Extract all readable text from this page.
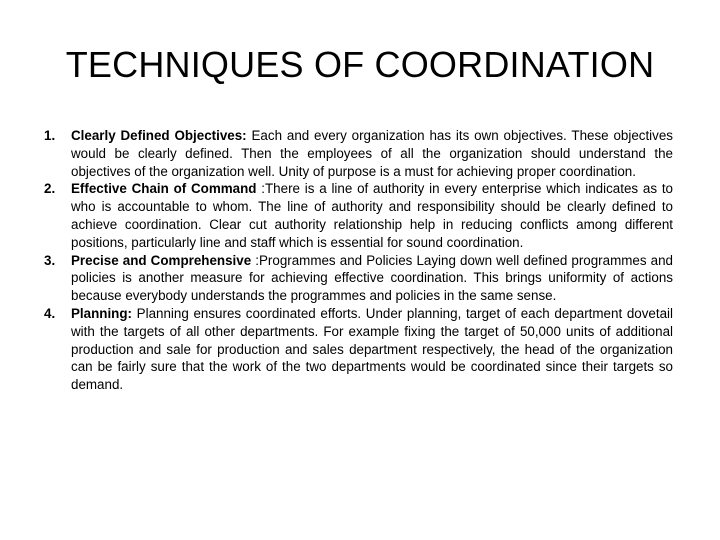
TECHNIQUES OF COORDINATION
1. Clearly Defined Objectives: Each and every organization has its own objectives. These objectives would be clearly defined. Then the employees of all the organization should understand the objectives of the organization well. Unity of purpose is a must for achieving proper coordination.
2. Effective Chain of Command :There is a line of authority in every enterprise which indicates as to who is accountable to whom. The line of authority and responsibility should be clearly defined to achieve coordination. Clear cut authority relationship help in reducing conflicts among different positions, particularly line and staff which is essential for sound coordination.
3. Precise and Comprehensive :Programmes and Policies Laying down well defined programmes and policies is another measure for achieving effective coordination. This brings uniformity of actions because everybody understands the programmes and policies in the same sense.
4. Planning: Planning ensures coordinated efforts. Under planning, target of each department dovetail with the targets of all other departments. For example fixing the target of 50,000 units of additional production and sale for production and sales department respectively, the head of the organization can be fairly sure that the work of the two departments would be coordinated since their targets so demand.
